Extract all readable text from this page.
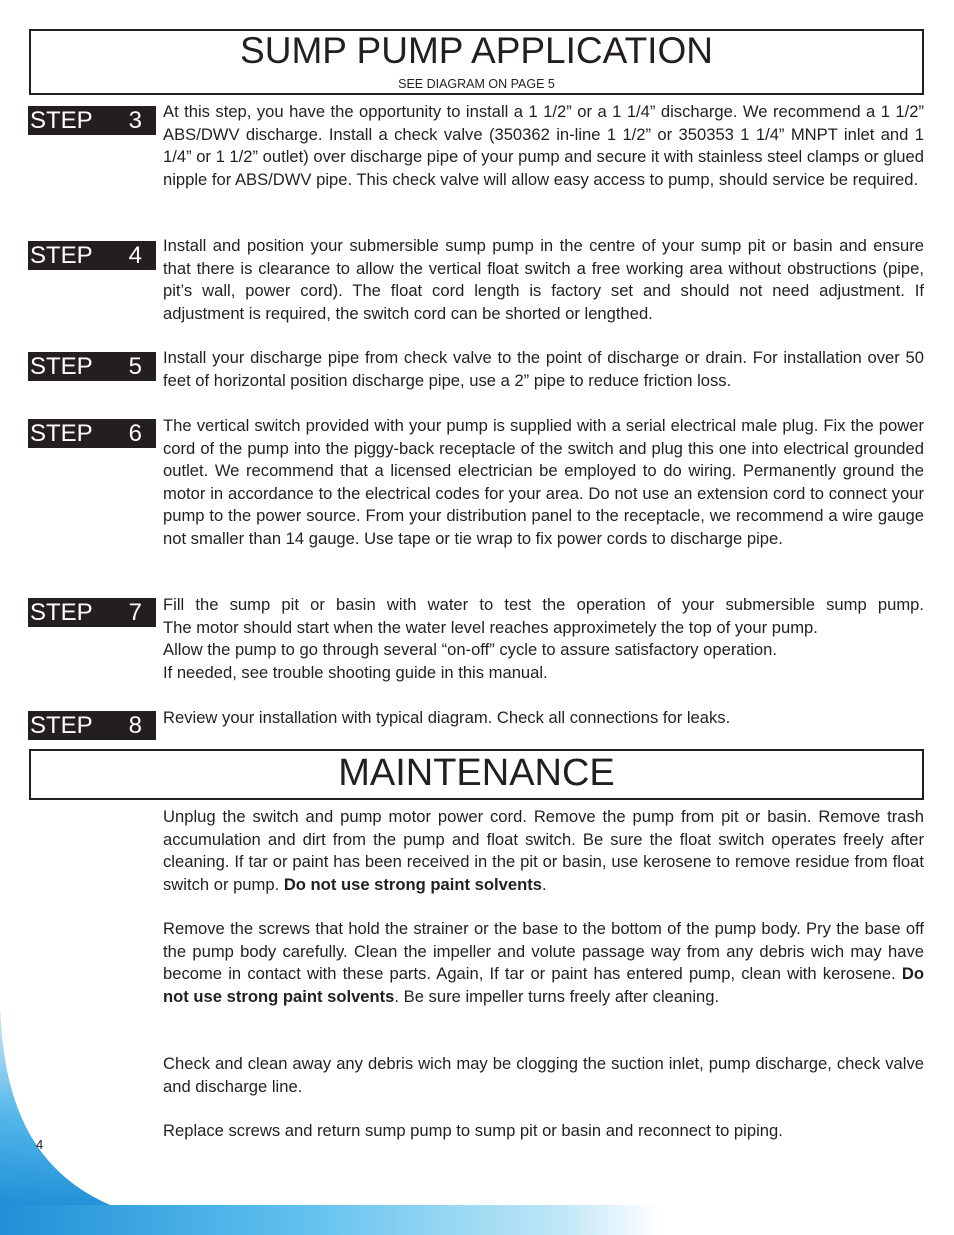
SUMP PUMP APPLICATION
SEE DIAGRAM ON PAGE 5
STEP 3 At this step, you have the opportunity to install a 1 1/2” or a 1 1/4” discharge. We recommend a 1 1/2” ABS/DWV discharge. Install a check valve (350362 in-line 1 1/2” or 350353 1 1/4” MNPT inlet and 1 1/4” or 1 1/2” outlet) over discharge pipe of your pump and secure it with stainless steel clamps or glued nipple for ABS/DWV pipe. This check valve will allow easy access to pump, should service be required.

STEP 4 Install and position your submersible sump pump in the centre of your sump pit or basin and ensure that there is clearance to allow the vertical float switch a free working area without obstructions (pipe, pit’s wall, power cord). The float cord length is factory set and should not need adjustment. If adjustment is required, the switch cord can be shorted or lengthed.

STEP 5 Install your discharge pipe from check valve to the point of discharge or drain. For installation over 50 feet of horizontal position discharge pipe, use a 2” pipe to reduce friction loss.

STEP 6 The vertical switch provided with your pump is supplied with a serial electrical male plug. Fix the power cord of the pump into the piggy-back receptacle of the switch and plug this one into electrical grounded outlet. We recommend that a licensed electrician be employed to do wiring. Permanently ground the motor in accordance to the electrical codes for your area. Do not use an extension cord to connect your pump to the power source. From your distribution panel to the receptacle, we recommend a wire gauge not smaller than 14 gauge. Use tape or tie wrap to fix power cords to discharge pipe.

STEP 7 Fill the sump pit or basin with water to test the operation of your submersible sump pump.
The motor should start when the water level reaches approximetely the top of your pump.
Allow the pump to go through several “on-off” cycle to assure satisfactory operation.
If needed, see trouble shooting guide in this manual.
STEP 8 Review your installation with typical diagram. Check all connections for leaks.

MAINTENANCE

Unplug the switch and pump motor power cord. Remove the pump from pit or basin. Remove trash accumulation and dirt from the pump and float switch. Be sure the float switch operates freely after cleaning. If tar or paint has been received in the pit or basin, use kerosene to remove residue from float switch or pump. Do not use strong paint solvents.

Remove the screws that hold the strainer or the base to the bottom of the pump body. Pry the base off the pump body carefully. Clean the impeller and volute passage way from any debris wich may have become in contact with these parts. Again, If tar or paint has entered pump, clean with kerosene. Do not use strong paint solvents. Be sure impeller turns freely after cleaning.

Check and clean away any debris wich may be clogging the suction inlet, pump discharge, check valve and discharge line.

Replace screws and return sump pump to sump pit or basin and reconnect to piping.

4
